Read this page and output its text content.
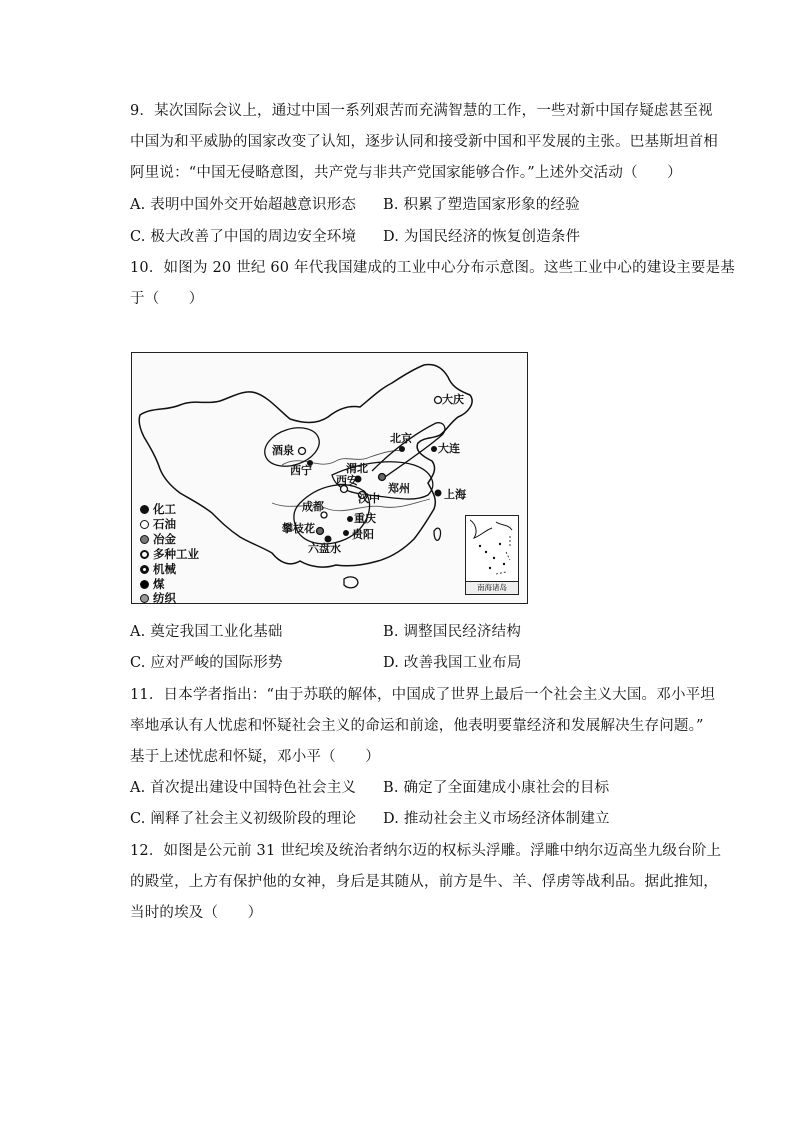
9．某次国际会议上，通过中国一系列艰苦而充满智慧的工作，一些对新中国存疑虑甚至视
中国为和平威胁的国家改变了认知，逐步认同和接受新中国和平发展的主张。巴基斯坦首相
阿里说：“中国无侵略意图，共产党与非共产党国家能够合作。”上述外交活动（　　）
A. 表明中国外交开始超越意识形态 B. 积累了塑造国家形象的经验
C. 极大改善了中国的周边安全环境 D. 为国民经济的恢复创造条件
10．如图为 20 世纪 60 年代我国建成的工业中心分布示意图。这些工业中心的建设主要是基
于（　　）
大庆
北京
大连
酒泉
西宁	渭北
西安
郑州
汉中	上海
成都
重庆
攀枝花	贵阳
六盘水
化工
石油
冶金
多种工业
机械
煤
纺织
南海诸岛
A. 奠定我国工业化基础	B. 调整国民经济结构
C. 应对严峻的国际形势	D. 改善我国工业布局
11．日本学者指出：“由于苏联的解体，中国成了世界上最后一个社会主义大国。邓小平坦
率地承认有人忧虑和怀疑社会主义的命运和前途，他表明要靠经济和发展解决生存问题。”
基于上述忧虑和怀疑，邓小平（　　）
A. 首次提出建设中国特色社会主义 B. 确定了全面建成小康社会的目标
C. 阐释了社会主义初级阶段的理论 D. 推动社会主义市场经济体制建立
12．如图是公元前 31 世纪埃及统治者纳尔迈的权标头浮雕。浮雕中纳尔迈高坐九级台阶上
的殿堂，上方有保护他的女神，身后是其随从，前方是牛、羊、俘虏等战利品。据此推知，
当时的埃及（　　）
